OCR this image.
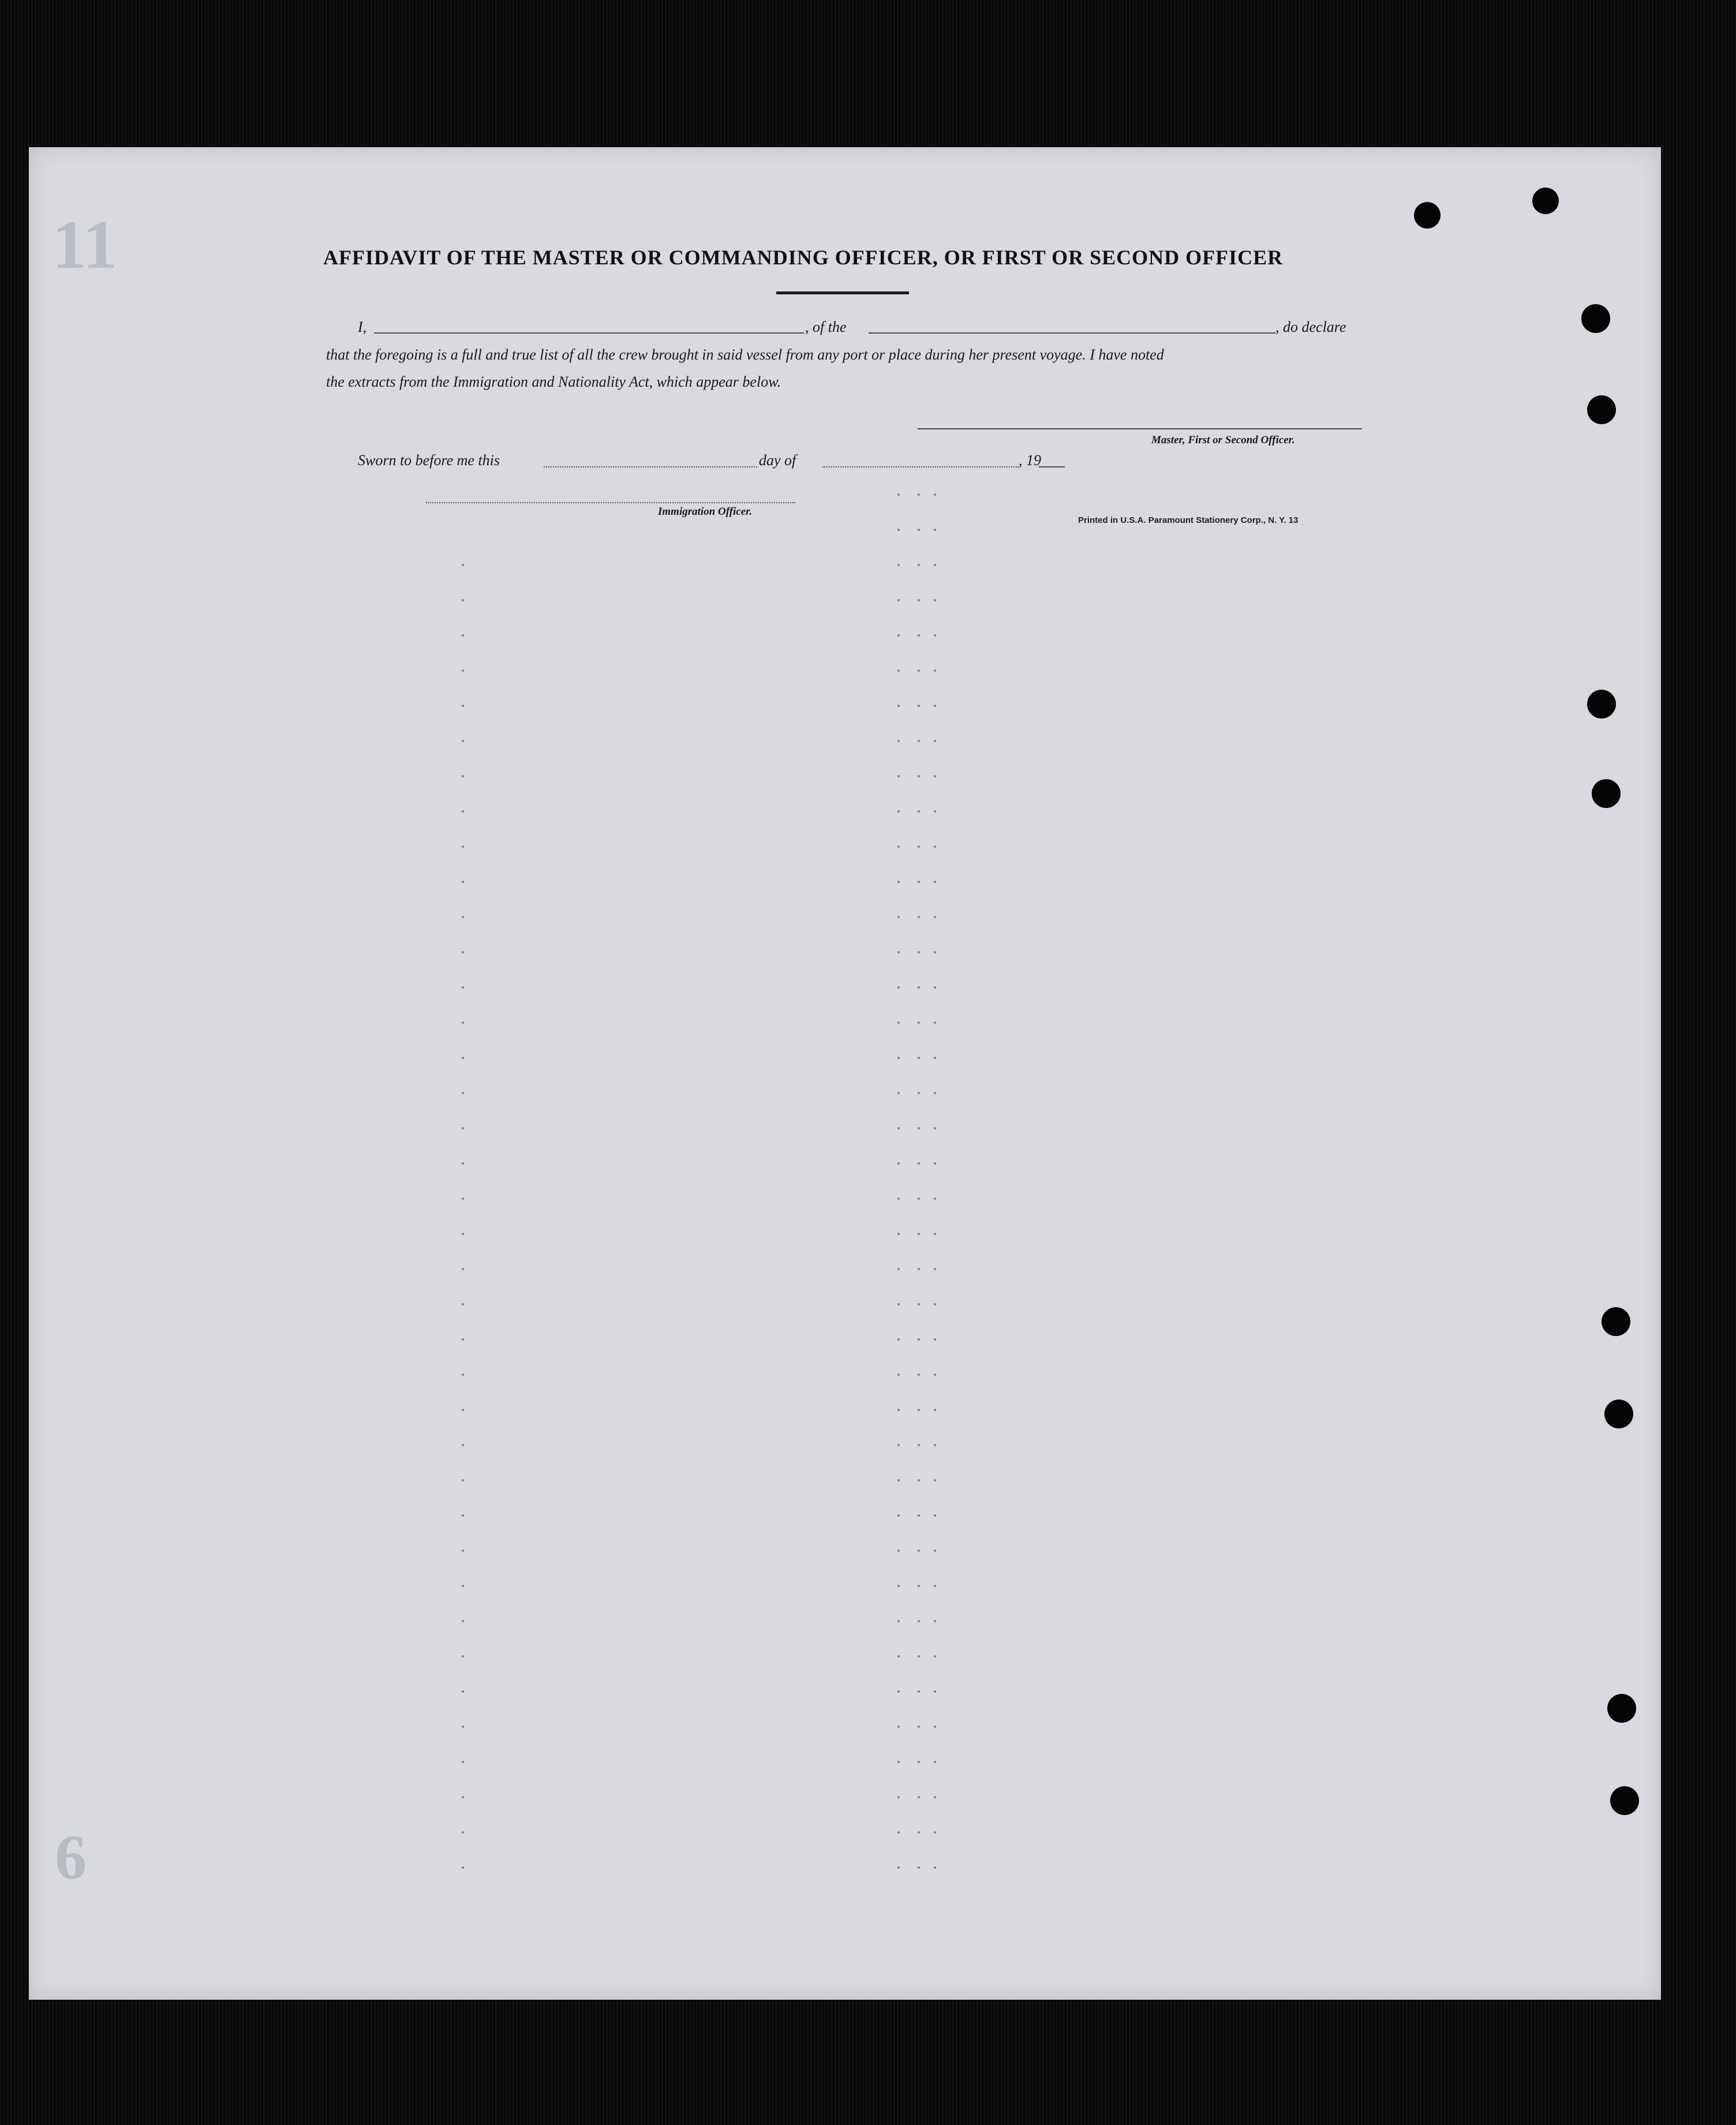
11
6
AFFIDAVIT OF THE MASTER OR COMMANDING OFFICER, OR FIRST OR SECOND OFFICER
I,	, of the	, do declare
that the foregoing is a full and true list of all the crew brought in said vessel from any port or place during her present voyage. I have noted
the extracts from the Immigration and Nationality Act, which appear below.
Master, First or Second Officer.
Sworn to before me this	day of	, 19
Immigration Officer.
Printed in U.S.A. Paramount Stationery Corp., N. Y. 13
